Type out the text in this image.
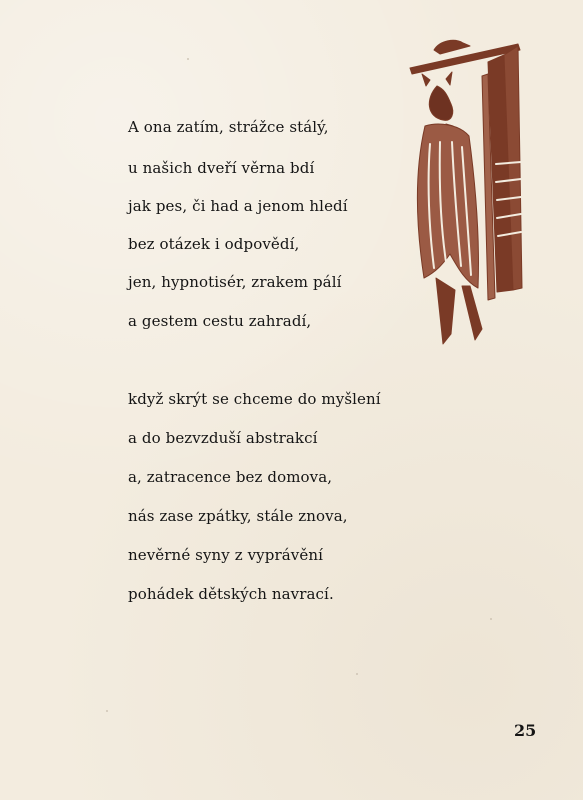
A ona zatím, strážce stálý,
u našich dveří věrna bdí
jak pes, či had a jenom hledí
bez otázek i odpovědí,
jen, hypnotisér, zrakem pálí
a gestem cestu zahradí,
když skrýt se chceme do myšlení
a do bezvzduší abstrakcí
a, zatracence bez domova,
nás zase zpátky, stále znova,
nevěrné syny z vyprávění
pohádek dětských navrací.
25
